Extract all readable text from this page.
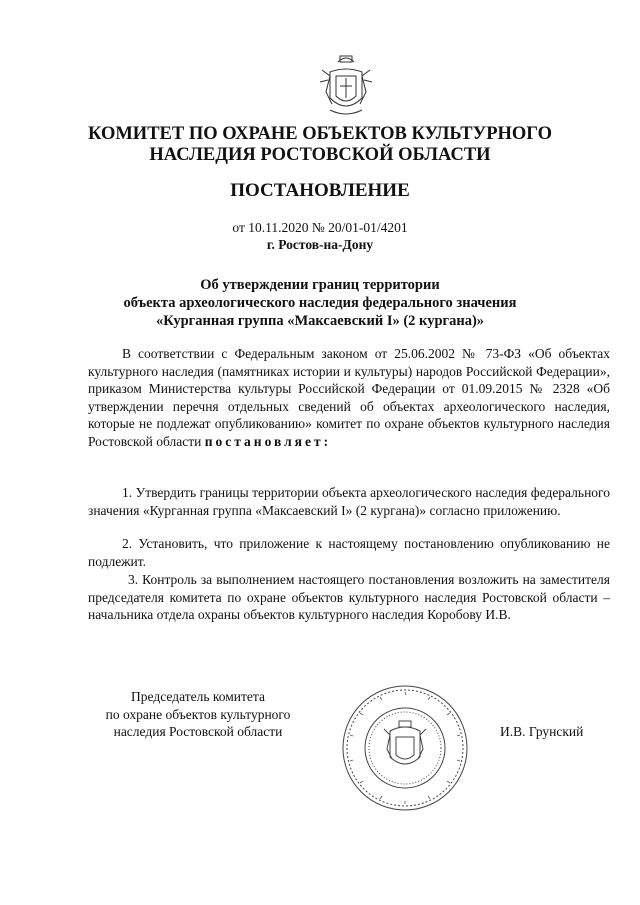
КОМИТЕТ ПО ОХРАНЕ ОБЪЕКТОВ КУЛЬТУРНОГО
НАСЛЕДИЯ РОСТОВСКОЙ ОБЛАСТИ
ПОСТАНОВЛЕНИЕ
от 10.11.2020 № 20/01-01/4201
г. Ростов-на-Дону
Об утверждении границ территории
объекта археологического наследия федерального значения
«Курганная группа «Максаевский I» (2 кургана)»
В соответствии с Федеральным законом от 25.06.2002 № 73-ФЗ «Об объектах культурного наследия (памятниках истории и культуры) народов Российской Федерации», приказом Министерства культуры Российской Федерации от 01.09.2015 № 2328 «Об утверждении перечня отдельных сведений об объектах археологического наследия, которые не подлежат опубликованию» комитет по охране объектов культурного наследия Ростовской области постановляет:
1. Утвердить границы территории объекта археологического наследия федерального значения «Курганная группа «Максаевский I» (2 кургана)» согласно приложению.
2. Установить, что приложение к настоящему постановлению опубликованию не подлежит.
3. Контроль за выполнением настоящего постановления возложить на заместителя председателя комитета по охране объектов культурного наследия Ростовской области – начальника отдела охраны объектов культурного наследия Коробову И.В.
Председатель комитета
по охране объектов культурного
наследия Ростовской области	И.В. Грунский
